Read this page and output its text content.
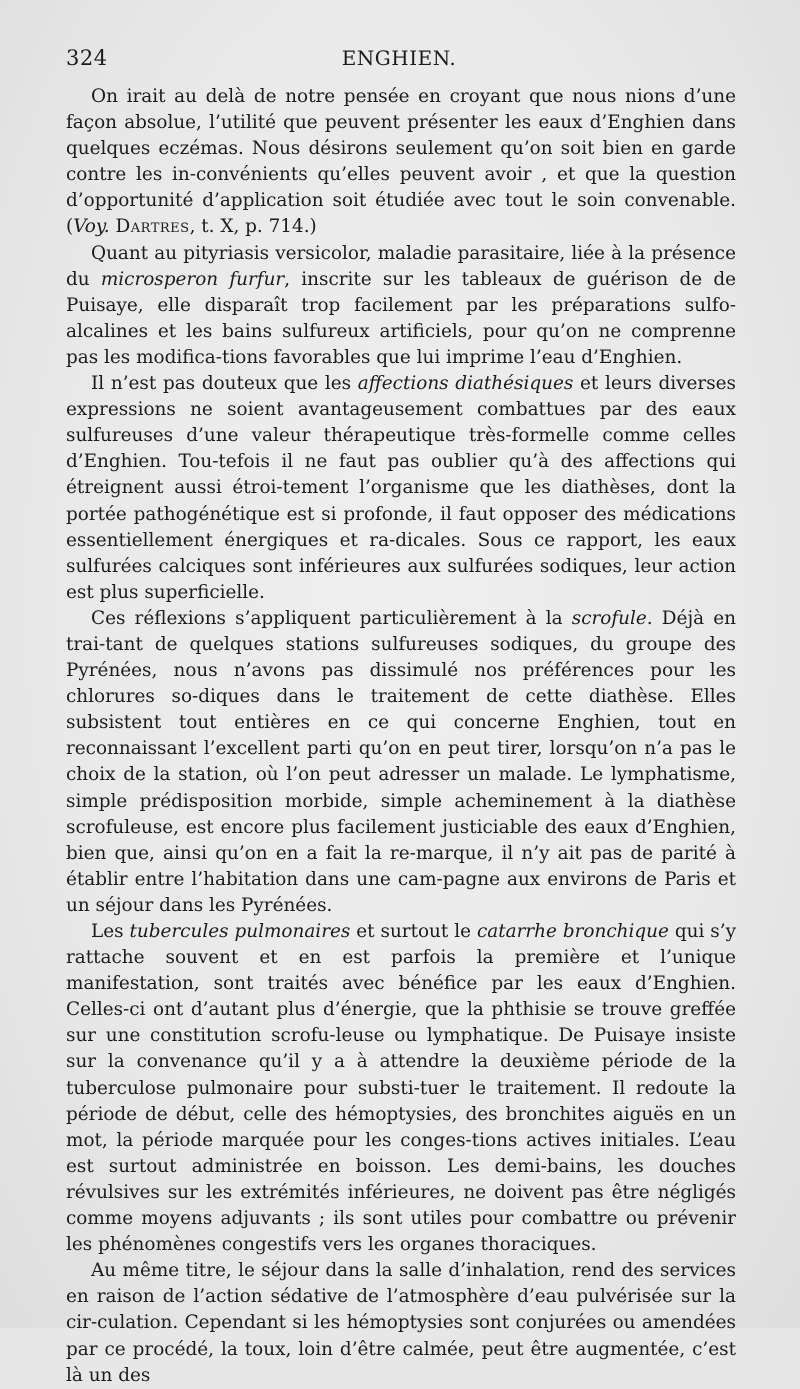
324	ENGHIEN.

On irait au delà de notre pensée en croyant que nous nions d’une façon absolue, l’utilité que peuvent présenter les eaux d’Enghien dans quelques eczémas. Nous désirons seulement qu’on soit bien en garde contre les in-convénients qu’elles peuvent avoir , et que la question d’opportunité d’application soit étudiée avec tout le soin convenable. (Voy. Dartres, t. X, p. 714.)

Quant au pityriasis versicolor, maladie parasitaire, liée à la présence du microsperon furfur, inscrite sur les tableaux de guérison de de Puisaye, elle disparaît trop facilement par les préparations sulfo-alcalines et les bains sulfureux artificiels, pour qu’on ne comprenne pas les modifica-tions favorables que lui imprime l’eau d’Enghien.

Il n’est pas douteux que les affections diathésiques et leurs diverses expressions ne soient avantageusement combattues par des eaux sulfureuses d’une valeur thérapeutique très-formelle comme celles d’Enghien. Tou-tefois il ne faut pas oublier qu’à des affections qui étreignent aussi étroi-tement l’organisme que les diathèses, dont la portée pathogénétique est si profonde, il faut opposer des médications essentiellement énergiques et ra-dicales. Sous ce rapport, les eaux sulfurées calciques sont inférieures aux sulfurées sodiques, leur action est plus superficielle.

Ces réflexions s’appliquent particulièrement à la scrofule. Déjà en trai-tant de quelques stations sulfureuses sodiques, du groupe des Pyrénées, nous n’avons pas dissimulé nos préférences pour les chlorures so-diques dans le traitement de cette diathèse. Elles subsistent tout entières en ce qui concerne Enghien, tout en reconnaissant l’excellent parti qu’on en peut tirer, lorsqu’on n’a pas le choix de la station, où l’on peut adresser un malade. Le lymphatisme, simple prédisposition morbide, simple acheminement à la diathèse scrofuleuse, est encore plus facilement justiciable des eaux d’Enghien, bien que, ainsi qu’on en a fait la re-marque, il n’y ait pas de parité à établir entre l’habitation dans une cam-pagne aux environs de Paris et un séjour dans les Pyrénées.

Les tubercules pulmonaires et surtout le catarrhe bronchique qui s’y rattache souvent et en est parfois la première et l’unique manifestation, sont traités avec bénéfice par les eaux d’Enghien. Celles-ci ont d’autant plus d’énergie, que la phthisie se trouve greffée sur une constitution scrofu-leuse ou lymphatique. De Puisaye insiste sur la convenance qu’il y a à attendre la deuxième période de la tuberculose pulmonaire pour substi-tuer le traitement. Il redoute la période de début, celle des hémoptysies, des bronchites aiguës en un mot, la période marquée pour les conges-tions actives initiales. L’eau est surtout administrée en boisson. Les demi-bains, les douches révulsives sur les extrémités inférieures, ne doivent pas être négligés comme moyens adjuvants ; ils sont utiles pour combattre ou prévenir les phénomènes congestifs vers les organes thoraciques.

Au même titre, le séjour dans la salle d’inhalation, rend des services en raison de l’action sédative de l’atmosphère d’eau pulvérisée sur la cir-culation. Cependant si les hémoptysies sont conjurées ou amendées par ce procédé, la toux, loin d’être calmée, peut être augmentée, c’est là un des
